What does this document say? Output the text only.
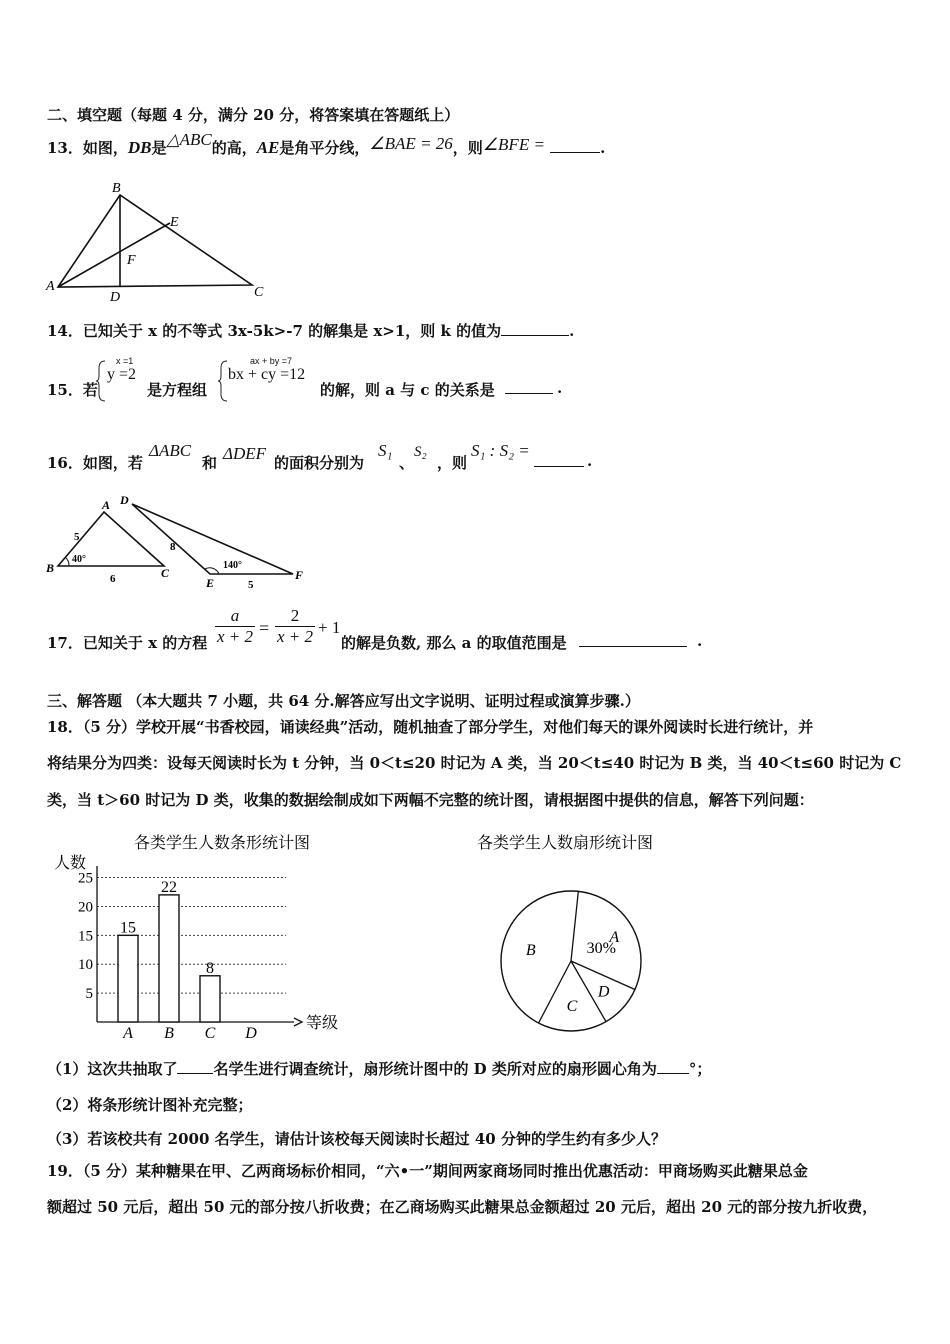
二、填空题（每题 4 分，满分 20 分，将答案填在答题纸上）
13．如图，DB是△ABC的高，AE是角平分线，∠BAE = 26，则∠BFE =	.
B
A	C
D
E
F
14．已知关于 x 的不等式 3x-5k>-7 的解集是 x>1，则 k 的值为	.
15．若
x =1
y =2
是方程组
ax + by =7
bx + cy =12
的解，则 a 与 c 的关系是	.
16．如图，若
ΔABC
和 ΔDEF 的面积分别为
S₁
、
S₂
，则
S₁ : S₂ =
.
A
B	C
D
E
F
5
6
8
5
40°
140°
17．已知关于 x 的方程 $\frac{a}{x + 2} = \frac{2}{x + 2} + 1$
的解是负数, 那么 a 的取值范围是	.
三、解答题 （本大题共 7 小题，共 64 分.解答应写出文字说明、证明过程或演算步骤.）
18．（5 分）学校开展“书香校园，诵读经典”活动，随机抽查了部分学生，对他们每天的课外阅读时长进行统计，并
将结果分为四类：设每天阅读时长为 t 分钟，当 0＜t≤20 时记为 A 类，当 20＜t≤40 时记为 B 类，当 40＜t≤60 时记为 C
类，当 t＞60 时记为 D 类，收集的数据绘制成如下两幅不完整的统计图，请根据图中提供的信息，解答下列问题：
各类学生人数条形统计图
人数
等级
5
10
15
20
25
15
A
22
B
8
C D
各类学生人数扇形统计图
A
B
C
D
30%
（1）这次共抽取了 名学生进行调查统计，扇形统计图中的 D 类所对应的扇形圆心角为 °；
（2）将条形统计图补充完整；
（3）若该校共有 2000 名学生，请估计该校每天阅读时长超过 40 分钟的学生约有多少人？
19．（5 分）某种糖果在甲、乙两商场标价相同，“六•一”期间两家商场同时推出优惠活动：甲商场购买此糖果总金
额超过 50 元后，超出 50 元的部分按八折收费；在乙商场购买此糖果总金额超过 20 元后，超出 20 元的部分按九折收费，
